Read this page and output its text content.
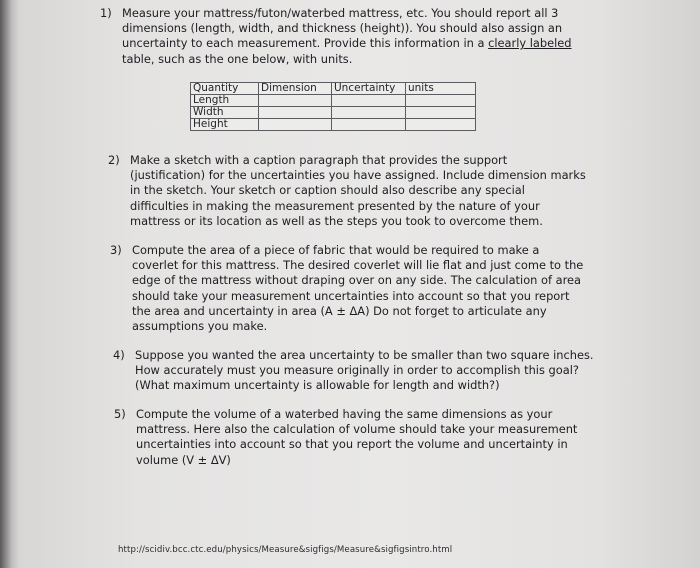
1) Measure your mattress/futon/waterbed mattress, etc. You should report all 3

dimensions (length, width, and thickness (height)). You should also assign an

uncertainty to each measurement. Provide this information in a clearly labeled

table, such as the one below, with units.

Quantity	Dimension	Uncertainty	units
Length			
Width			
Height			
2) Make a sketch with a caption paragraph that provides the support

(justification) for the uncertainties you have assigned. Include dimension marks

in the sketch. Your sketch or caption should also describe any special

difficulties in making the measurement presented by the nature of your

mattress or its location as well as the steps you took to overcome them.

3) Compute the area of a piece of fabric that would be required to make a

coverlet for this mattress. The desired coverlet will lie flat and just come to the

edge of the mattress without draping over on any side. The calculation of area

should take your measurement uncertainties into account so that you report

the area and uncertainty in area (A ± ΔA) Do not forget to articulate any

assumptions you make.

4) Suppose you wanted the area uncertainty to be smaller than two square inches.

How accurately must you measure originally in order to accomplish this goal?

(What maximum uncertainty is allowable for length and width?)

5) Compute the volume of a waterbed having the same dimensions as your

mattress. Here also the calculation of volume should take your measurement

uncertainties into account so that you report the volume and uncertainty in

volume (V ± ΔV)

http://scidiv.bcc.ctc.edu/physics/Measure&sigfigs/Measure&sigfigsintro.html
